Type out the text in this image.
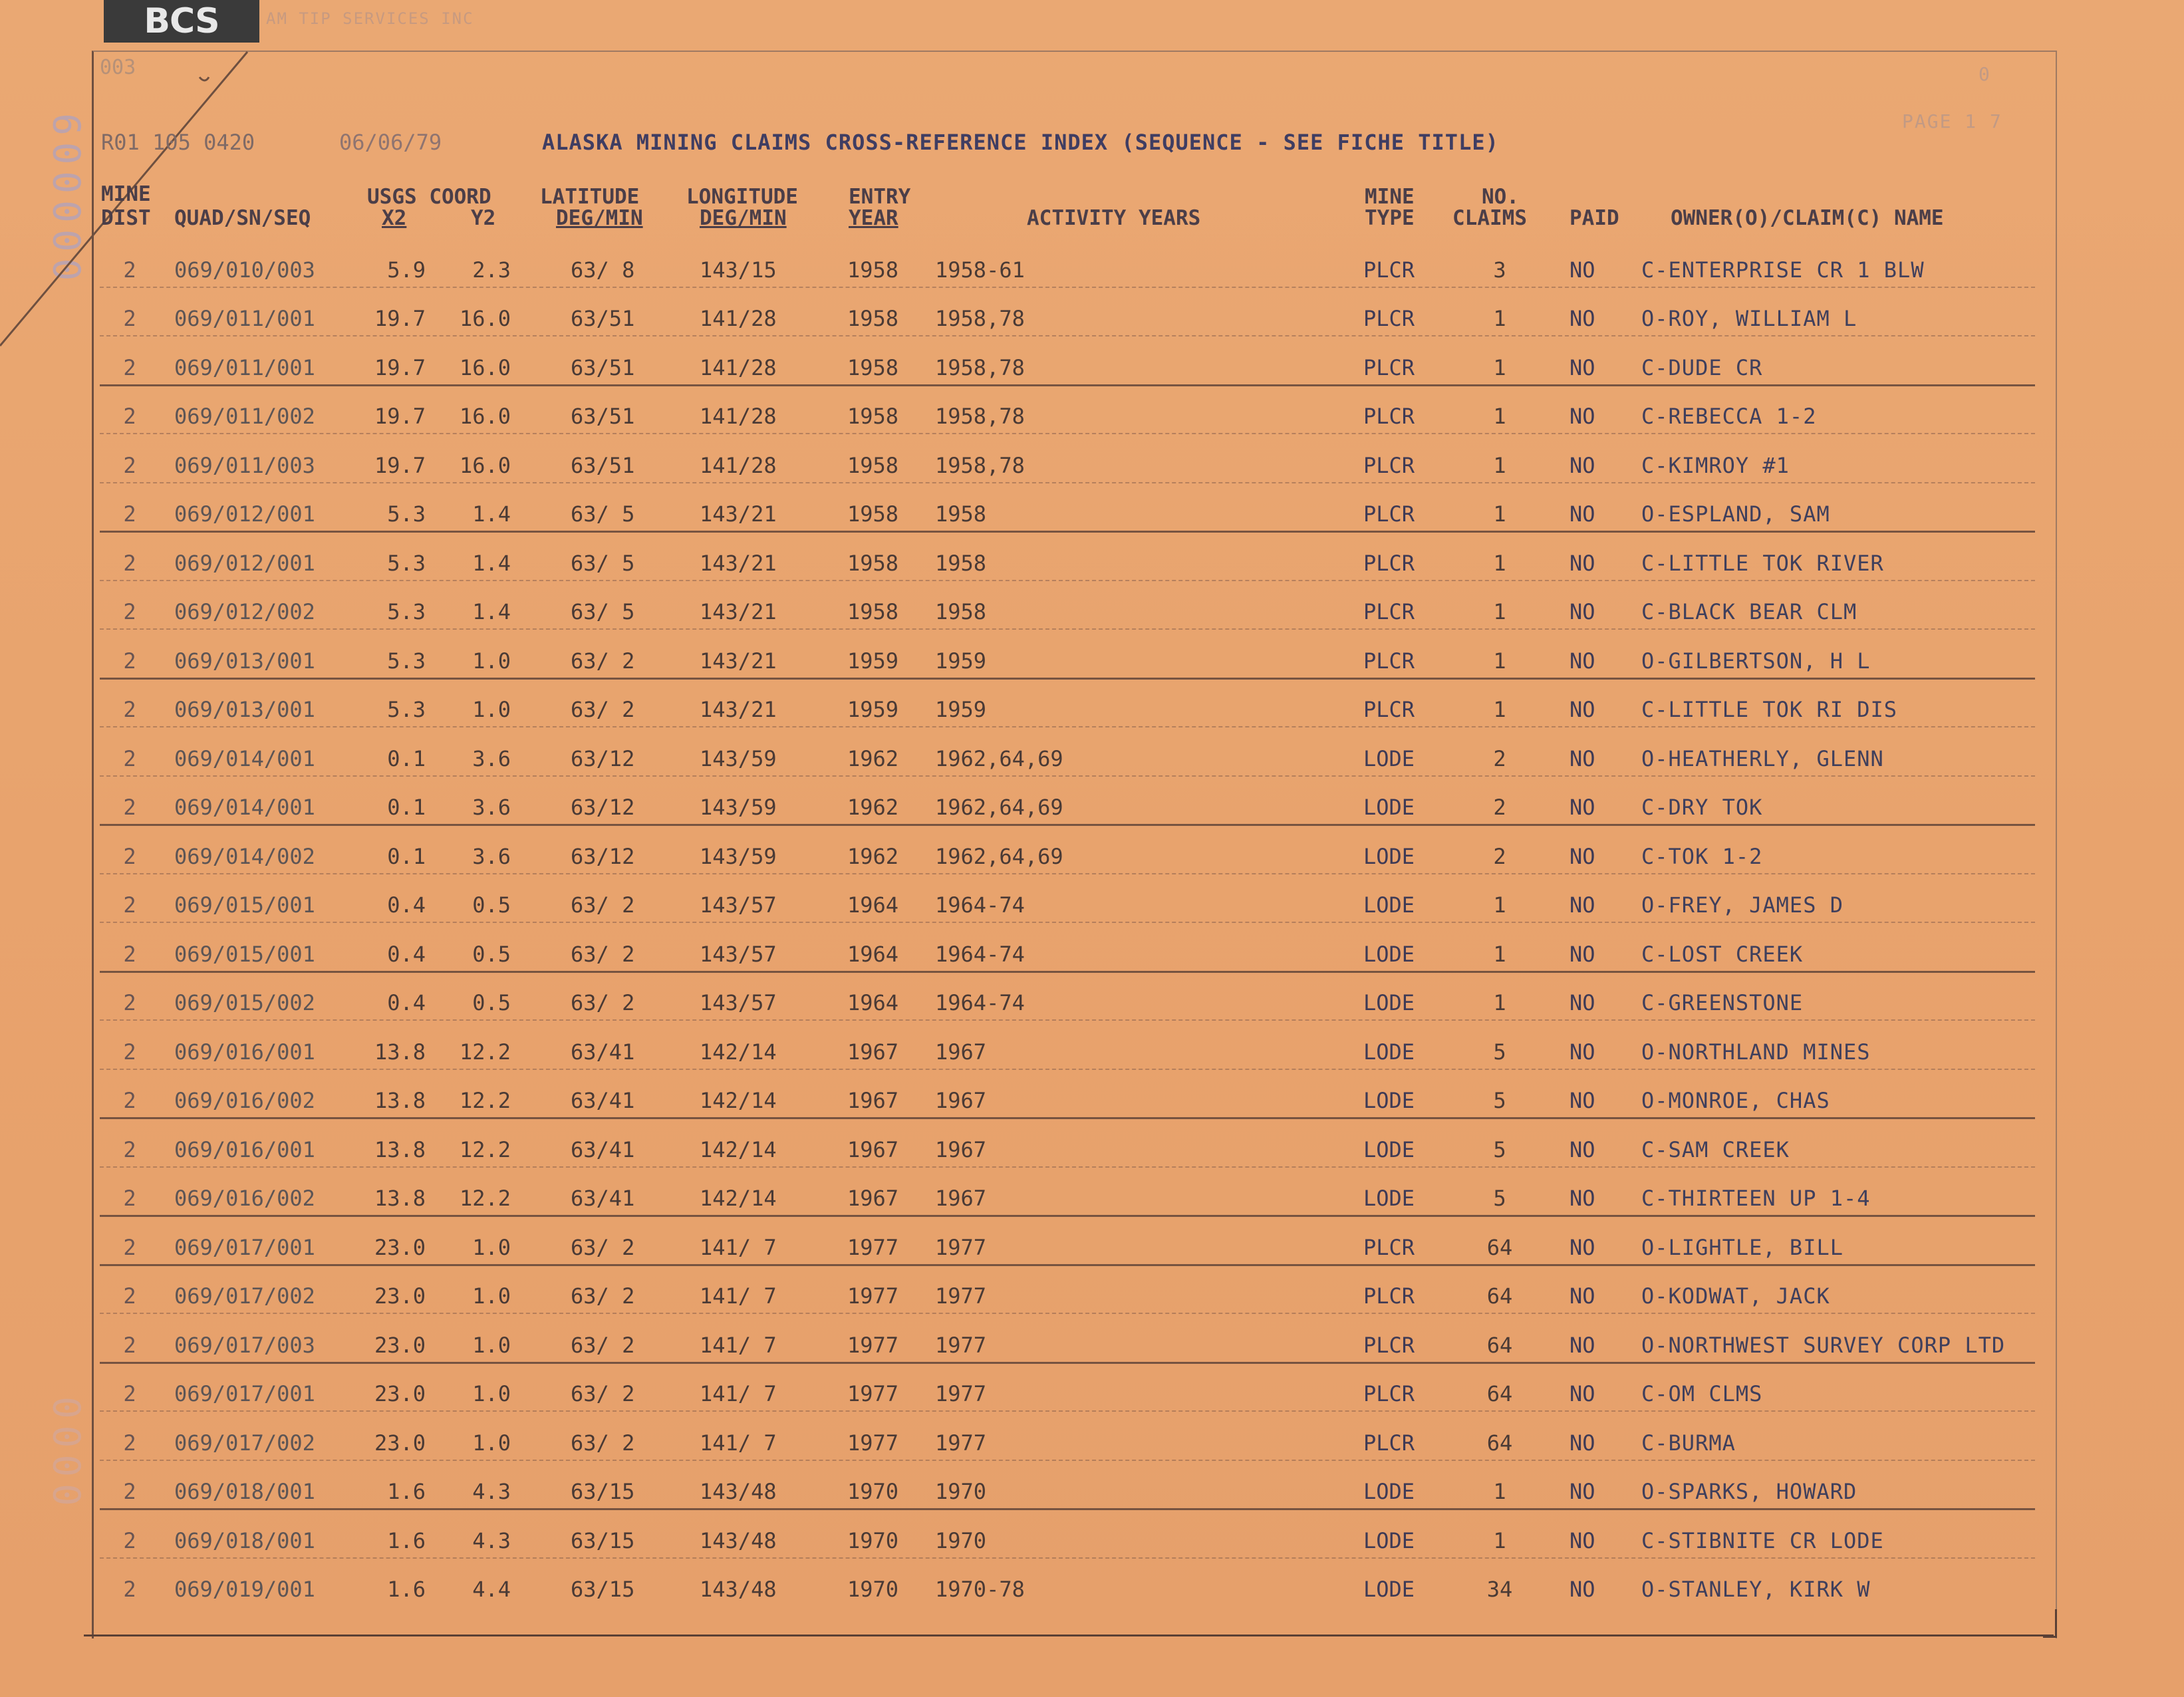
BCS	AM TIP SERVICES INC
000009
0000
003	0
PAGE 1 7
R01 105 0420	06/06/79	ALASKA MINING CLAIMS CROSS-REFERENCE INDEX (SEQUENCE - SEE FICHE TITLE)
MINE
DIST QUAD/SN/SEQ
USGS COORD
X2	Y2
LATITUDE
DEG/MIN
LONGITUDE
DEG/MIN
ENTRY
YEAR	ACTIVITY YEARS
MINE
TYPE
NO.
CLAIMS PAID OWNER(O)/CLAIM(C) NAME
2 069/010/003	5.9	2.3	63/ 8	143/15	1958 1958-61	PLCR	3	NO C-ENTERPRISE CR 1 BLW
2 069/011/001	19.7	16.0	63/51	141/28	1958 1958,78	PLCR	1	NO O-ROY, WILLIAM L
2 069/011/001	19.7	16.0	63/51	141/28	1958 1958,78	PLCR	1	NO C-DUDE CR
2 069/011/002	19.7	16.0	63/51	141/28	1958 1958,78	PLCR	1	NO C-REBECCA 1-2
2 069/011/003	19.7	16.0	63/51	141/28	1958 1958,78	PLCR	1	NO C-KIMROY #1
2 069/012/001	5.3	1.4	63/ 5	143/21	1958 1958	PLCR	1	NO O-ESPLAND, SAM
2 069/012/001	5.3	1.4	63/ 5	143/21	1958 1958	PLCR	1	NO C-LITTLE TOK RIVER
2 069/012/002	5.3	1.4	63/ 5	143/21	1958 1958	PLCR	1	NO C-BLACK BEAR CLM
2 069/013/001	5.3	1.0	63/ 2	143/21	1959 1959	PLCR	1	NO O-GILBERTSON, H L
2 069/013/001	5.3	1.0	63/ 2	143/21	1959 1959	PLCR	1	NO C-LITTLE TOK RI DIS
2 069/014/001	0.1	3.6	63/12	143/59	1962 1962,64,69	LODE	2	NO O-HEATHERLY, GLENN
2 069/014/001	0.1	3.6	63/12	143/59	1962 1962,64,69	LODE	2	NO C-DRY TOK
2 069/014/002	0.1	3.6	63/12	143/59	1962 1962,64,69	LODE	2	NO C-TOK 1-2
2 069/015/001	0.4	0.5	63/ 2	143/57	1964 1964-74	LODE	1	NO O-FREY, JAMES D
2 069/015/001	0.4	0.5	63/ 2	143/57	1964 1964-74	LODE	1	NO C-LOST CREEK
2 069/015/002	0.4	0.5	63/ 2	143/57	1964 1964-74	LODE	1	NO C-GREENSTONE
2 069/016/001	13.8	12.2	63/41	142/14	1967 1967	LODE	5	NO O-NORTHLAND MINES
2 069/016/002	13.8	12.2	63/41	142/14	1967 1967	LODE	5	NO O-MONROE, CHAS
2 069/016/001	13.8	12.2	63/41	142/14	1967 1967	LODE	5	NO C-SAM CREEK
2 069/016/002	13.8	12.2	63/41	142/14	1967 1967	LODE	5	NO C-THIRTEEN UP 1-4
2 069/017/001	23.0	1.0	63/ 2	141/ 7	1977 1977	PLCR	64	NO O-LIGHTLE, BILL
2 069/017/002	23.0	1.0	63/ 2	141/ 7	1977 1977	PLCR	64	NO O-KODWAT, JACK
2 069/017/003	23.0	1.0	63/ 2	141/ 7	1977 1977	PLCR	64	NO O-NORTHWEST SURVEY CORP LTD
2 069/017/001	23.0	1.0	63/ 2	141/ 7	1977 1977	PLCR	64	NO C-OM CLMS
2 069/017/002	23.0	1.0	63/ 2	141/ 7	1977 1977	PLCR	64	NO C-BURMA
2 069/018/001	1.6	4.3	63/15	143/48	1970 1970	LODE	1	NO O-SPARKS, HOWARD
2 069/018/001	1.6	4.3	63/15	143/48	1970 1970	LODE	1	NO C-STIBNITE CR LODE
2 069/019/001	1.6	4.4	63/15	143/48	1970 1970-78	LODE	34	NO O-STANLEY, KIRK W
